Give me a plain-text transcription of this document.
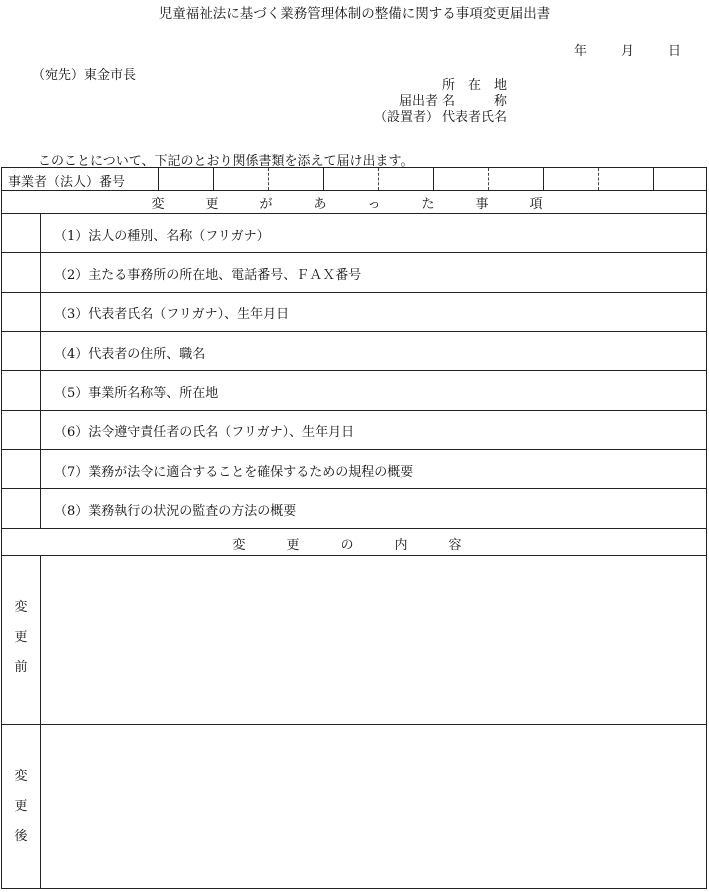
児童福祉法に基づく業務管理体制の整備に関する事項変更届出書
年	月	日
（宛先）東金市長
所　在　地
届出者 名　　　称
（設置者） 代表者氏名
このことについて、下記のとおり関係書類を添えて届け出ます。
事業者（法人）番号
変　更　が　あ　っ　た　事　項
（1）法人の種別、名称（フリガナ）
（2）主たる事務所の所在地、電話番号、ＦＡＸ番号
（3）代表者氏名（フリガナ）、生年月日
（4）代表者の住所、職名
（5）事業所名称等、所在地
（6）法令遵守責任者の氏名（フリガナ）、生年月日
（7）業務が法令に適合することを確保するための規程の概要
（8）業務執行の状況の監査の方法の概要
変　更　の　内　容
変
更
前
変
更
後
